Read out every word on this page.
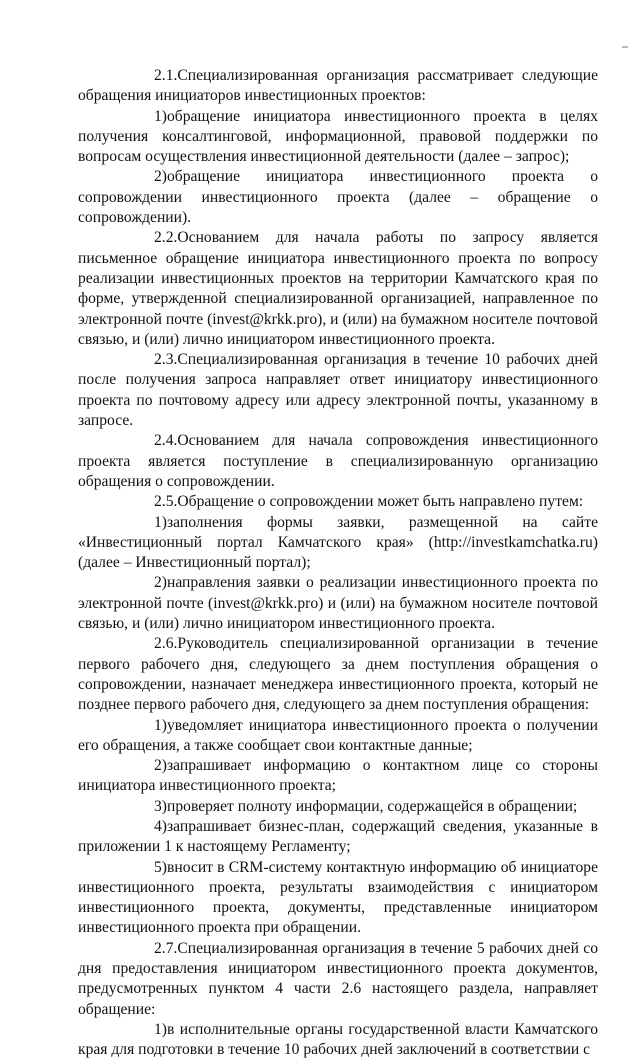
2.1.Специализированная организация рассматривает следующие обращения инициаторов инвестиционных проектов:

1)обращение инициатора инвестиционного проекта в целях получения консалтинговой, информационной, правовой поддержки по вопросам осуществления инвестиционной деятельности (далее – запрос);

2)обращение инициатора инвестиционного проекта о сопровождении инвестиционного проекта (далее – обращение о сопровождении).

2.2.Основанием для начала работы по запросу является письменное обращение инициатора инвестиционного проекта по вопросу реализации инвестиционных проектов на территории Камчатского края по форме, утвержденной специализированной организацией, направленное по электронной почте (invest@krkk.pro), и (или) на бумажном носителе почтовой связью, и (или) лично инициатором инвестиционного проекта.

2.3.Специализированная организация в течение 10 рабочих дней после получения запроса направляет ответ инициатору инвестиционного проекта по почтовому адресу или адресу электронной почты, указанному в запросе.

2.4.Основанием для начала сопровождения инвестиционного проекта является поступление в специализированную организацию обращения о сопровождении.

2.5.Обращение о сопровождении может быть направлено путем:

1)заполнения формы заявки, размещенной на сайте «Инвестиционный портал Камчатского края» (http://investkamchatka.ru) (далее – Инвестиционный портал);

2)направления заявки о реализации инвестиционного проекта по электронной почте (invest@krkk.pro) и (или) на бумажном носителе почтовой связью, и (или) лично инициатором инвестиционного проекта.

2.6.Руководитель специализированной организации в течение первого рабочего дня, следующего за днем поступления обращения о сопровождении, назначает менеджера инвестиционного проекта, который не позднее первого рабочего дня, следующего за днем поступления обращения:

1)уведомляет инициатора инвестиционного проекта о получении его обращения, а также сообщает свои контактные данные;

2)запрашивает информацию о контактном лице со стороны инициатора инвестиционного проекта;

3)проверяет полноту информации, содержащейся в обращении;

4)запрашивает бизнес-план, содержащий сведения, указанные в приложении 1 к настоящему Регламенту;

5)вносит в CRM-систему контактную информацию об инициаторе инвестиционного проекта, результаты взаимодействия с инициатором инвестиционного проекта, документы, представленные инициатором инвестиционного проекта при обращении.

2.7.Специализированная организация в течение 5 рабочих дней со дня предоставления инициатором инвестиционного проекта документов, предусмотренных пунктом 4 части 2.6 настоящего раздела, направляет обращение:

1)в исполнительные органы государственной власти Камчатского края для подготовки в течение 10 рабочих дней заключений в соответствии с
